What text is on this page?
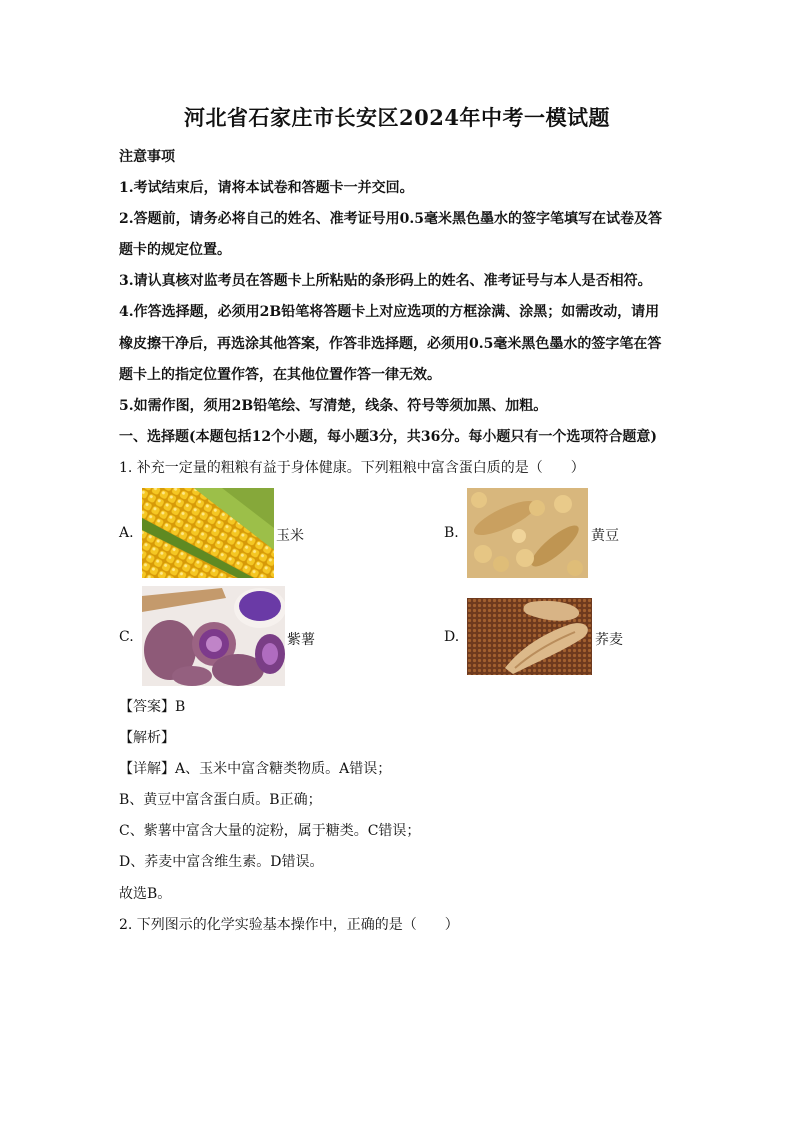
河北省石家庄市长安区2024年中考一模试题
注意事项
1.考试结束后，请将本试卷和答题卡一并交回。
2.答题前，请务必将自己的姓名、准考证号用0.5毫米黑色墨水的签字笔填写在试卷及答
题卡的规定位置。
3.请认真核对监考员在答题卡上所粘贴的条形码上的姓名、准考证号与本人是否相符。
4.作答选择题，必须用2B铅笔将答题卡上对应选项的方框涂满、涂黑；如需改动，请用
橡皮擦干净后，再选涂其他答案，作答非选择题，必须用0.5毫米黑色墨水的签字笔在答
题卡上的指定位置作答，在其他位置作答一律无效。
5.如需作图，须用2B铅笔绘、写清楚，线条、符号等须加黑、加粗。
一、选择题(本题包括12个小题，每小题3分，共36分。每小题只有一个选项符合题意)
1. 补充一定量的粗粮有益于身体健康。下列粗粮中富含蛋白质的是（　　）
A.	玉米	B.	黄豆
C.	紫薯	D.	荞麦
【答案】B
【解析】
【详解】A、玉米中富含糖类物质。A错误；
B、黄豆中富含蛋白质。B正确；
C、紫薯中富含大量的淀粉，属于糖类。C错误；
D、荞麦中富含维生素。D错误。
故选B。
2. 下列图示的化学实验基本操作中，正确的是（　　）
